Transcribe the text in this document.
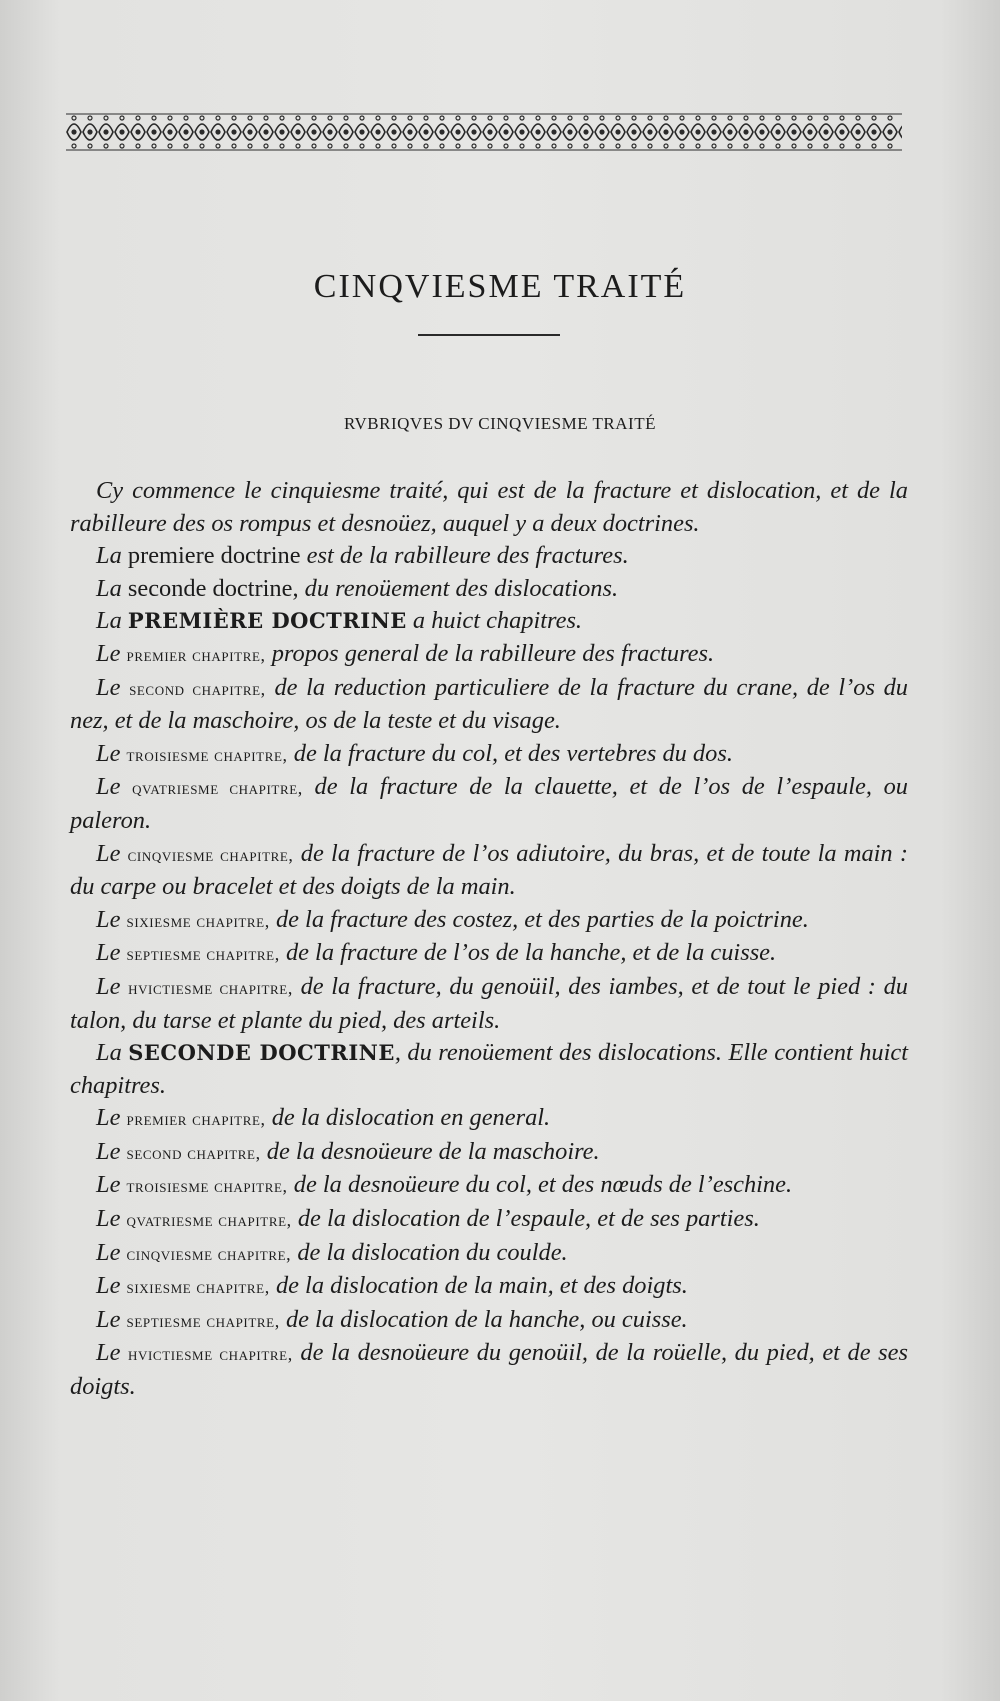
CINQVIESME TRAITÉ
RVBRIQVES DV CINQVIESME TRAITÉ

Cy commence le cinquiesme traité, qui est de la fracture et dislocation, et de la rabilleure des os rompus et desnoüez, auquel y a deux doctrines.

La premiere doctrine est de la rabilleure des fractures.

La seconde doctrine, du renoüement des dislocations.

La PREMIÈRE DOCTRINE a huict chapitres.

Le premier chapitre, propos general de la rabilleure des fractures.

Le second chapitre, de la reduction particuliere de la fracture du crane, de l’os du nez, et de la maschoire, os de la teste et du visage.

Le troisiesme chapitre, de la fracture du col, et des vertebres du dos.

Le qvatriesme chapitre, de la fracture de la clauette, et de l’os de l’espaule, ou paleron.

Le cinqviesme chapitre, de la fracture de l’os adiutoire, du bras, et de toute la main : du carpe ou bracelet et des doigts de la main.

Le sixiesme chapitre, de la fracture des costez, et des parties de la poictrine.

Le septiesme chapitre, de la fracture de l’os de la hanche, et de la cuisse.

Le hvictiesme chapitre, de la fracture, du genoüil, des iambes, et de tout le pied : du talon, du tarse et plante du pied, des arteils.

La SECONDE DOCTRINE, du renoüement des dislocations. Elle contient huict chapitres.

Le premier chapitre, de la dislocation en general.

Le second chapitre, de la desnoüeure de la maschoire.

Le troisiesme chapitre, de la desnoüeure du col, et des nœuds de l’eschine.

Le qvatriesme chapitre, de la dislocation de l’espaule, et de ses parties.

Le cinqviesme chapitre, de la dislocation du coulde.

Le sixiesme chapitre, de la dislocation de la main, et des doigts.

Le septiesme chapitre, de la dislocation de la hanche, ou cuisse.

Le hvictiesme chapitre, de la desnoüeure du genoüil, de la roüelle, du pied, et de ses doigts.
